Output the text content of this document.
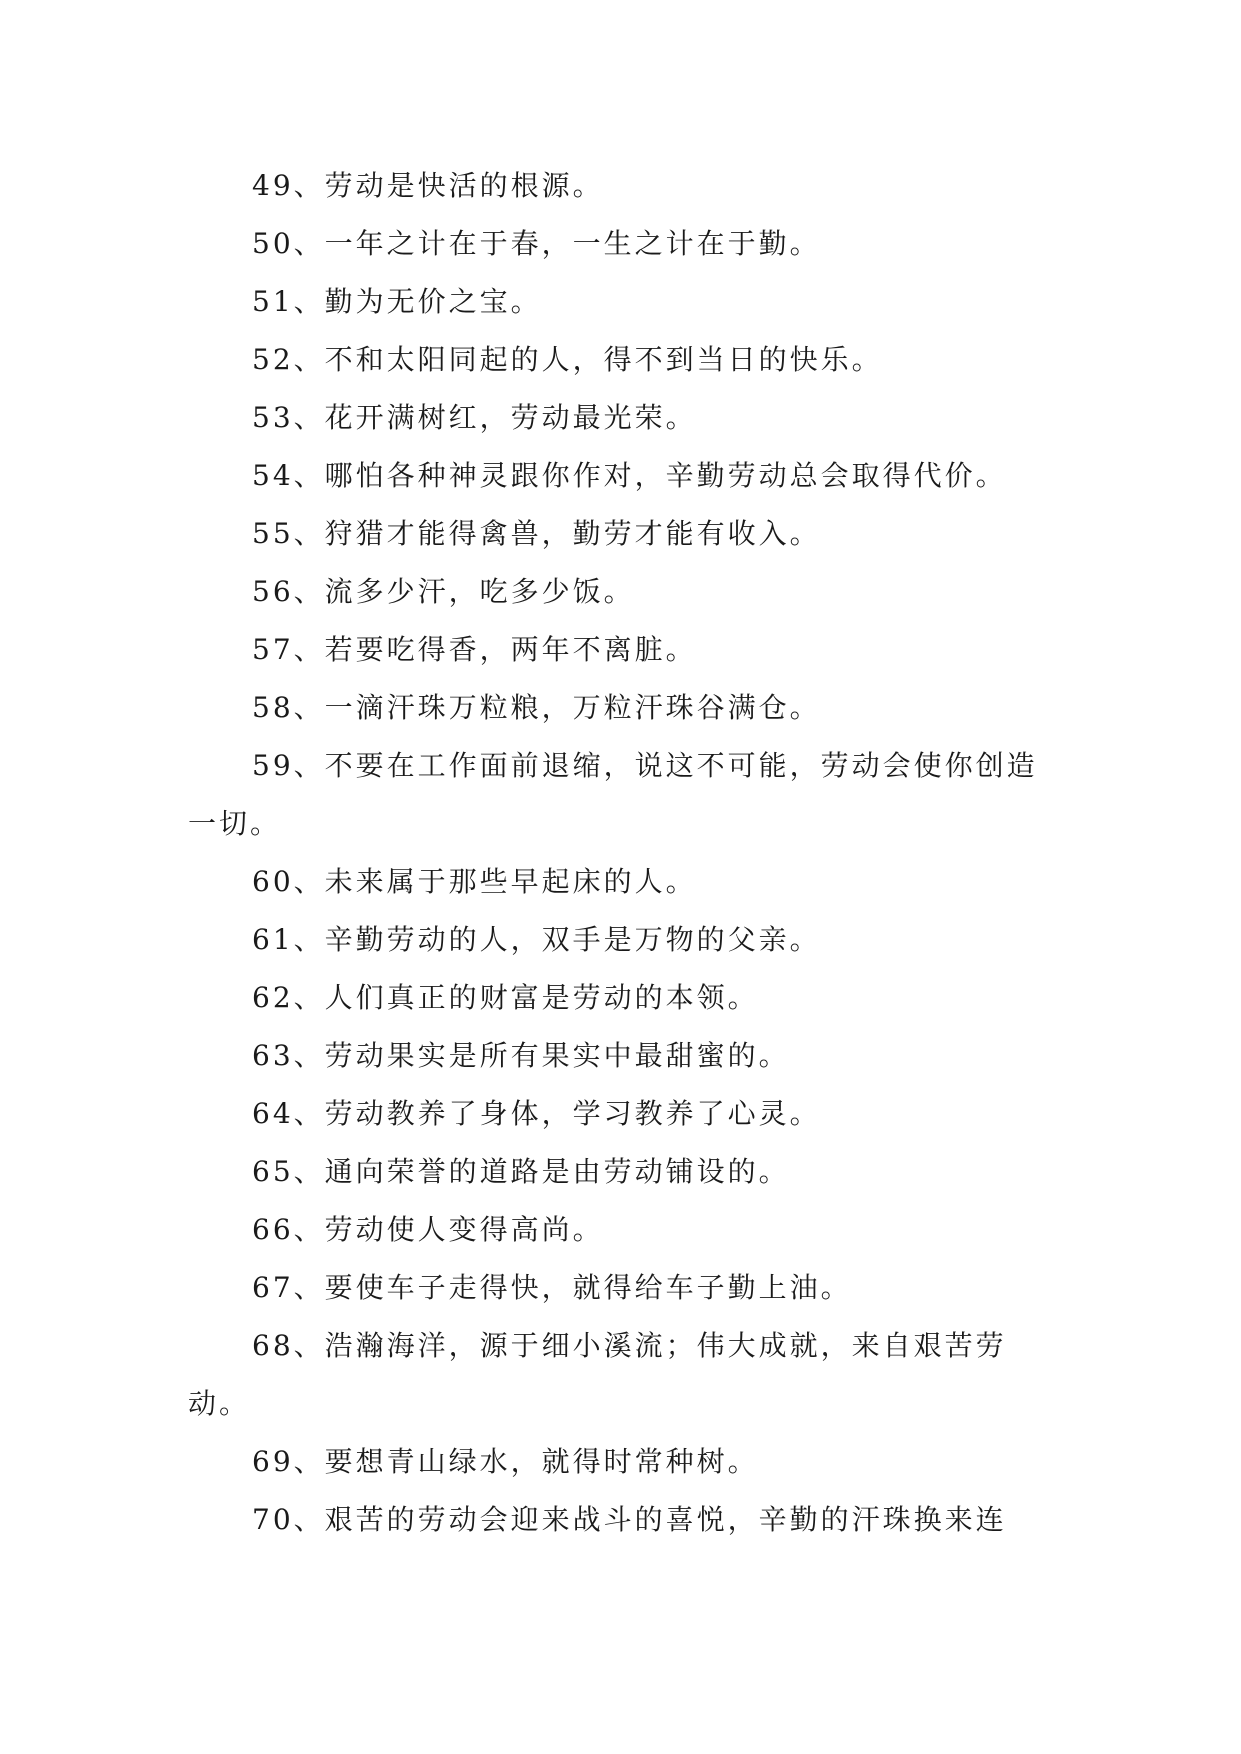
49、劳动是快活的根源。

50、一年之计在于春，一生之计在于勤。

51、勤为无价之宝。

52、不和太阳同起的人，得不到当日的快乐。

53、花开满树红，劳动最光荣。

54、哪怕各种神灵跟你作对，辛勤劳动总会取得代价。

55、狩猎才能得禽兽，勤劳才能有收入。

56、流多少汗，吃多少饭。

57、若要吃得香，两年不离脏。

58、一滴汗珠万粒粮，万粒汗珠谷满仓。

59、不要在工作面前退缩，说这不可能，劳动会使你创造一切。

60、未来属于那些早起床的人。

61、辛勤劳动的人，双手是万物的父亲。

62、人们真正的财富是劳动的本领。

63、劳动果实是所有果实中最甜蜜的。

64、劳动教养了身体，学习教养了心灵。

65、通向荣誉的道路是由劳动铺设的。

66、劳动使人变得高尚。

67、要使车子走得快，就得给车子勤上油。

68、浩瀚海洋，源于细小溪流；伟大成就，来自艰苦劳动。

69、要想青山绿水，就得时常种树。

70、艰苦的劳动会迎来战斗的喜悦，辛勤的汗珠换来连
